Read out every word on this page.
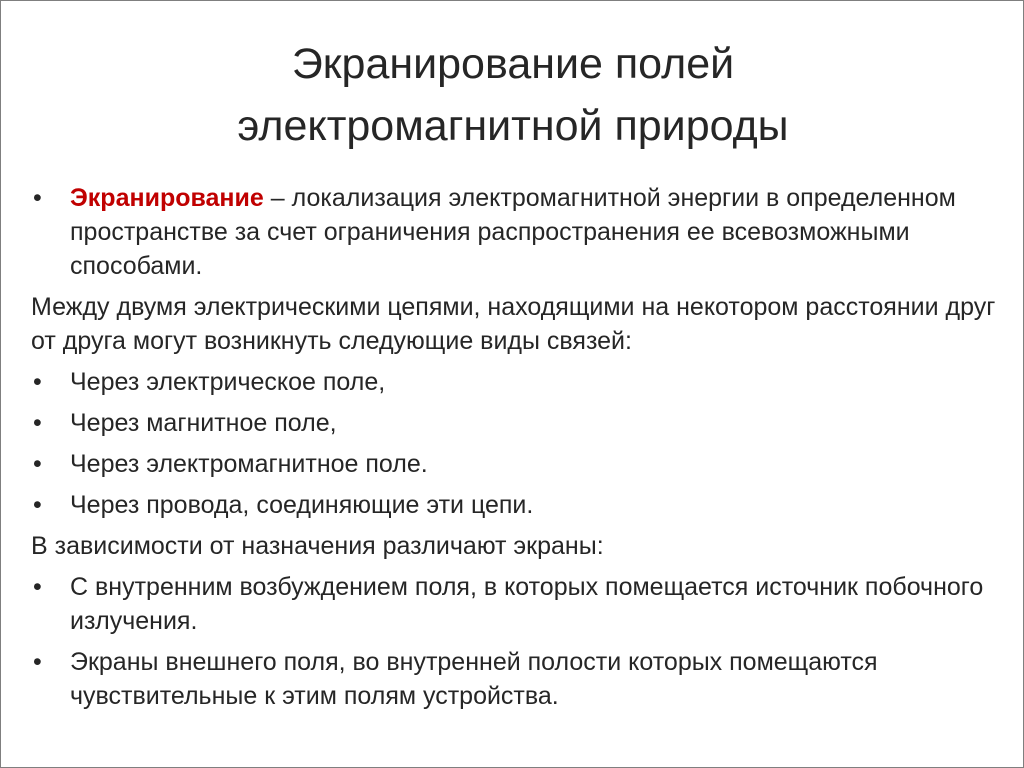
Экранирование полей
электромагнитной природы
• Экранирование – локализация электромагнитной энергии в определенном пространстве за счет ограничения распространения ее всевозможными способами.
Между двумя электрическими цепями, находящими на некотором расстоянии друг от друга могут возникнуть следующие виды связей:
• Через электрическое поле,
• Через магнитное поле,
• Через электромагнитное поле.
• Через провода, соединяющие эти цепи.
В зависимости от назначения различают экраны:
• С внутренним возбуждением поля, в которых помещается источник побочного излучения.
• Экраны внешнего поля, во внутренней полости которых помещаются чувствительные к этим полям устройства.
